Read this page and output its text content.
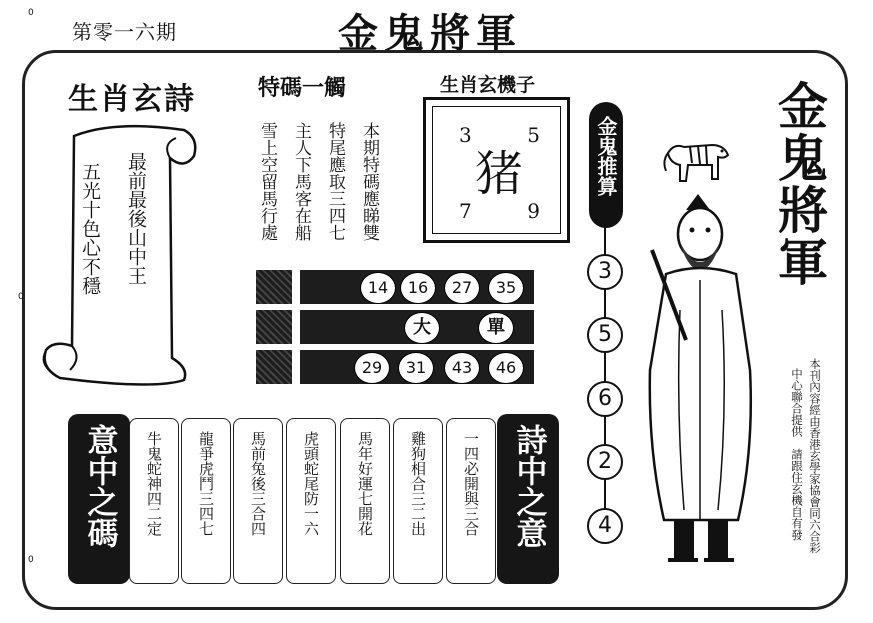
0
0
0
第零一六期	金鬼將軍
生肖玄詩
最前最後山中王
五光十色心不穩
特碼一觸
本期特碼應睇雙
特尾應取三四七
主人下馬客在船
雪上空留馬行處
生肖玄機子
3	5
7	9
猪
14	16	27	35
大	單
29	31	43	46
金鬼推算
3
5
6
2
4
金鬼將軍
本刊內容經由香港玄學家協會同六合彩
中心聯合提供　請跟住玄機自有發
意中之碼 牛鬼蛇神四二定 龍爭虎鬥三四七 馬前兔後三合四 虎頭蛇尾防一六 馬年好運七開花 雞狗相合三二出 一四必開與三合 詩中之意
